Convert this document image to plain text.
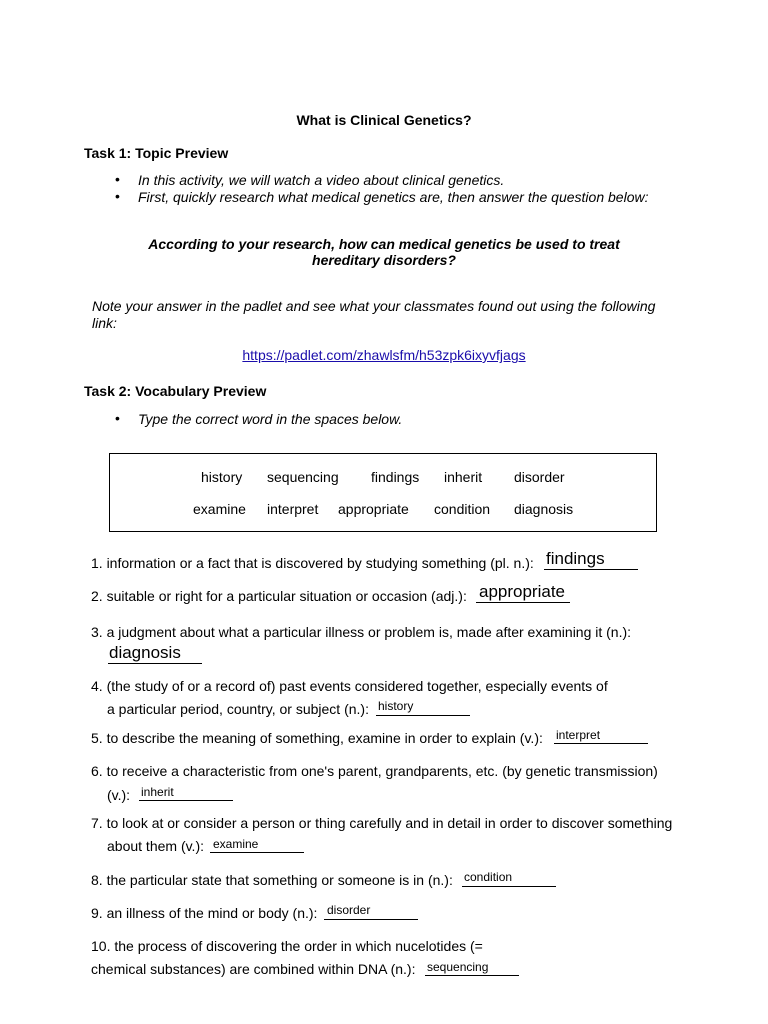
What is Clinical Genetics?
Task 1: Topic Preview
• In this activity, we will watch a video about clinical genetics.
• First, quickly research what medical genetics are, then answer the question below:
According to your research, how can medical genetics be used to treat
hereditary disorders?
Note your answer in the padlet and see what your classmates found out using the following
link:
https://padlet.com/zhawlsfm/h53zpk6ixyvfjags
Task 2: Vocabulary Preview
• Type the correct word in the spaces below.
history sequencing findings inherit disorder
examine interpret appropriate condition diagnosis
1. information or a fact that is discovered by studying something (pl. n.): findings
2. suitable or right for a particular situation or occasion (adj.): appropriate
3. a judgment about what a particular illness or problem is, made after examining it (n.):
diagnosis
4. (the study of or a record of) past events considered together, especially events of
a particular period, country, or subject (n.): history
5. to describe the meaning of something, examine in order to explain (v.): interpret
6. to receive a characteristic from one's parent, grandparents, etc. (by genetic transmission)
(v.): inherit
7. to look at or consider a person or thing carefully and in detail in order to discover something
about them (v.): examine
8. the particular state that something or someone is in (n.): condition
9. an illness of the mind or body (n.): disorder
10. the process of discovering the order in which nucelotides (=
chemical substances) are combined within DNA (n.): sequencing
